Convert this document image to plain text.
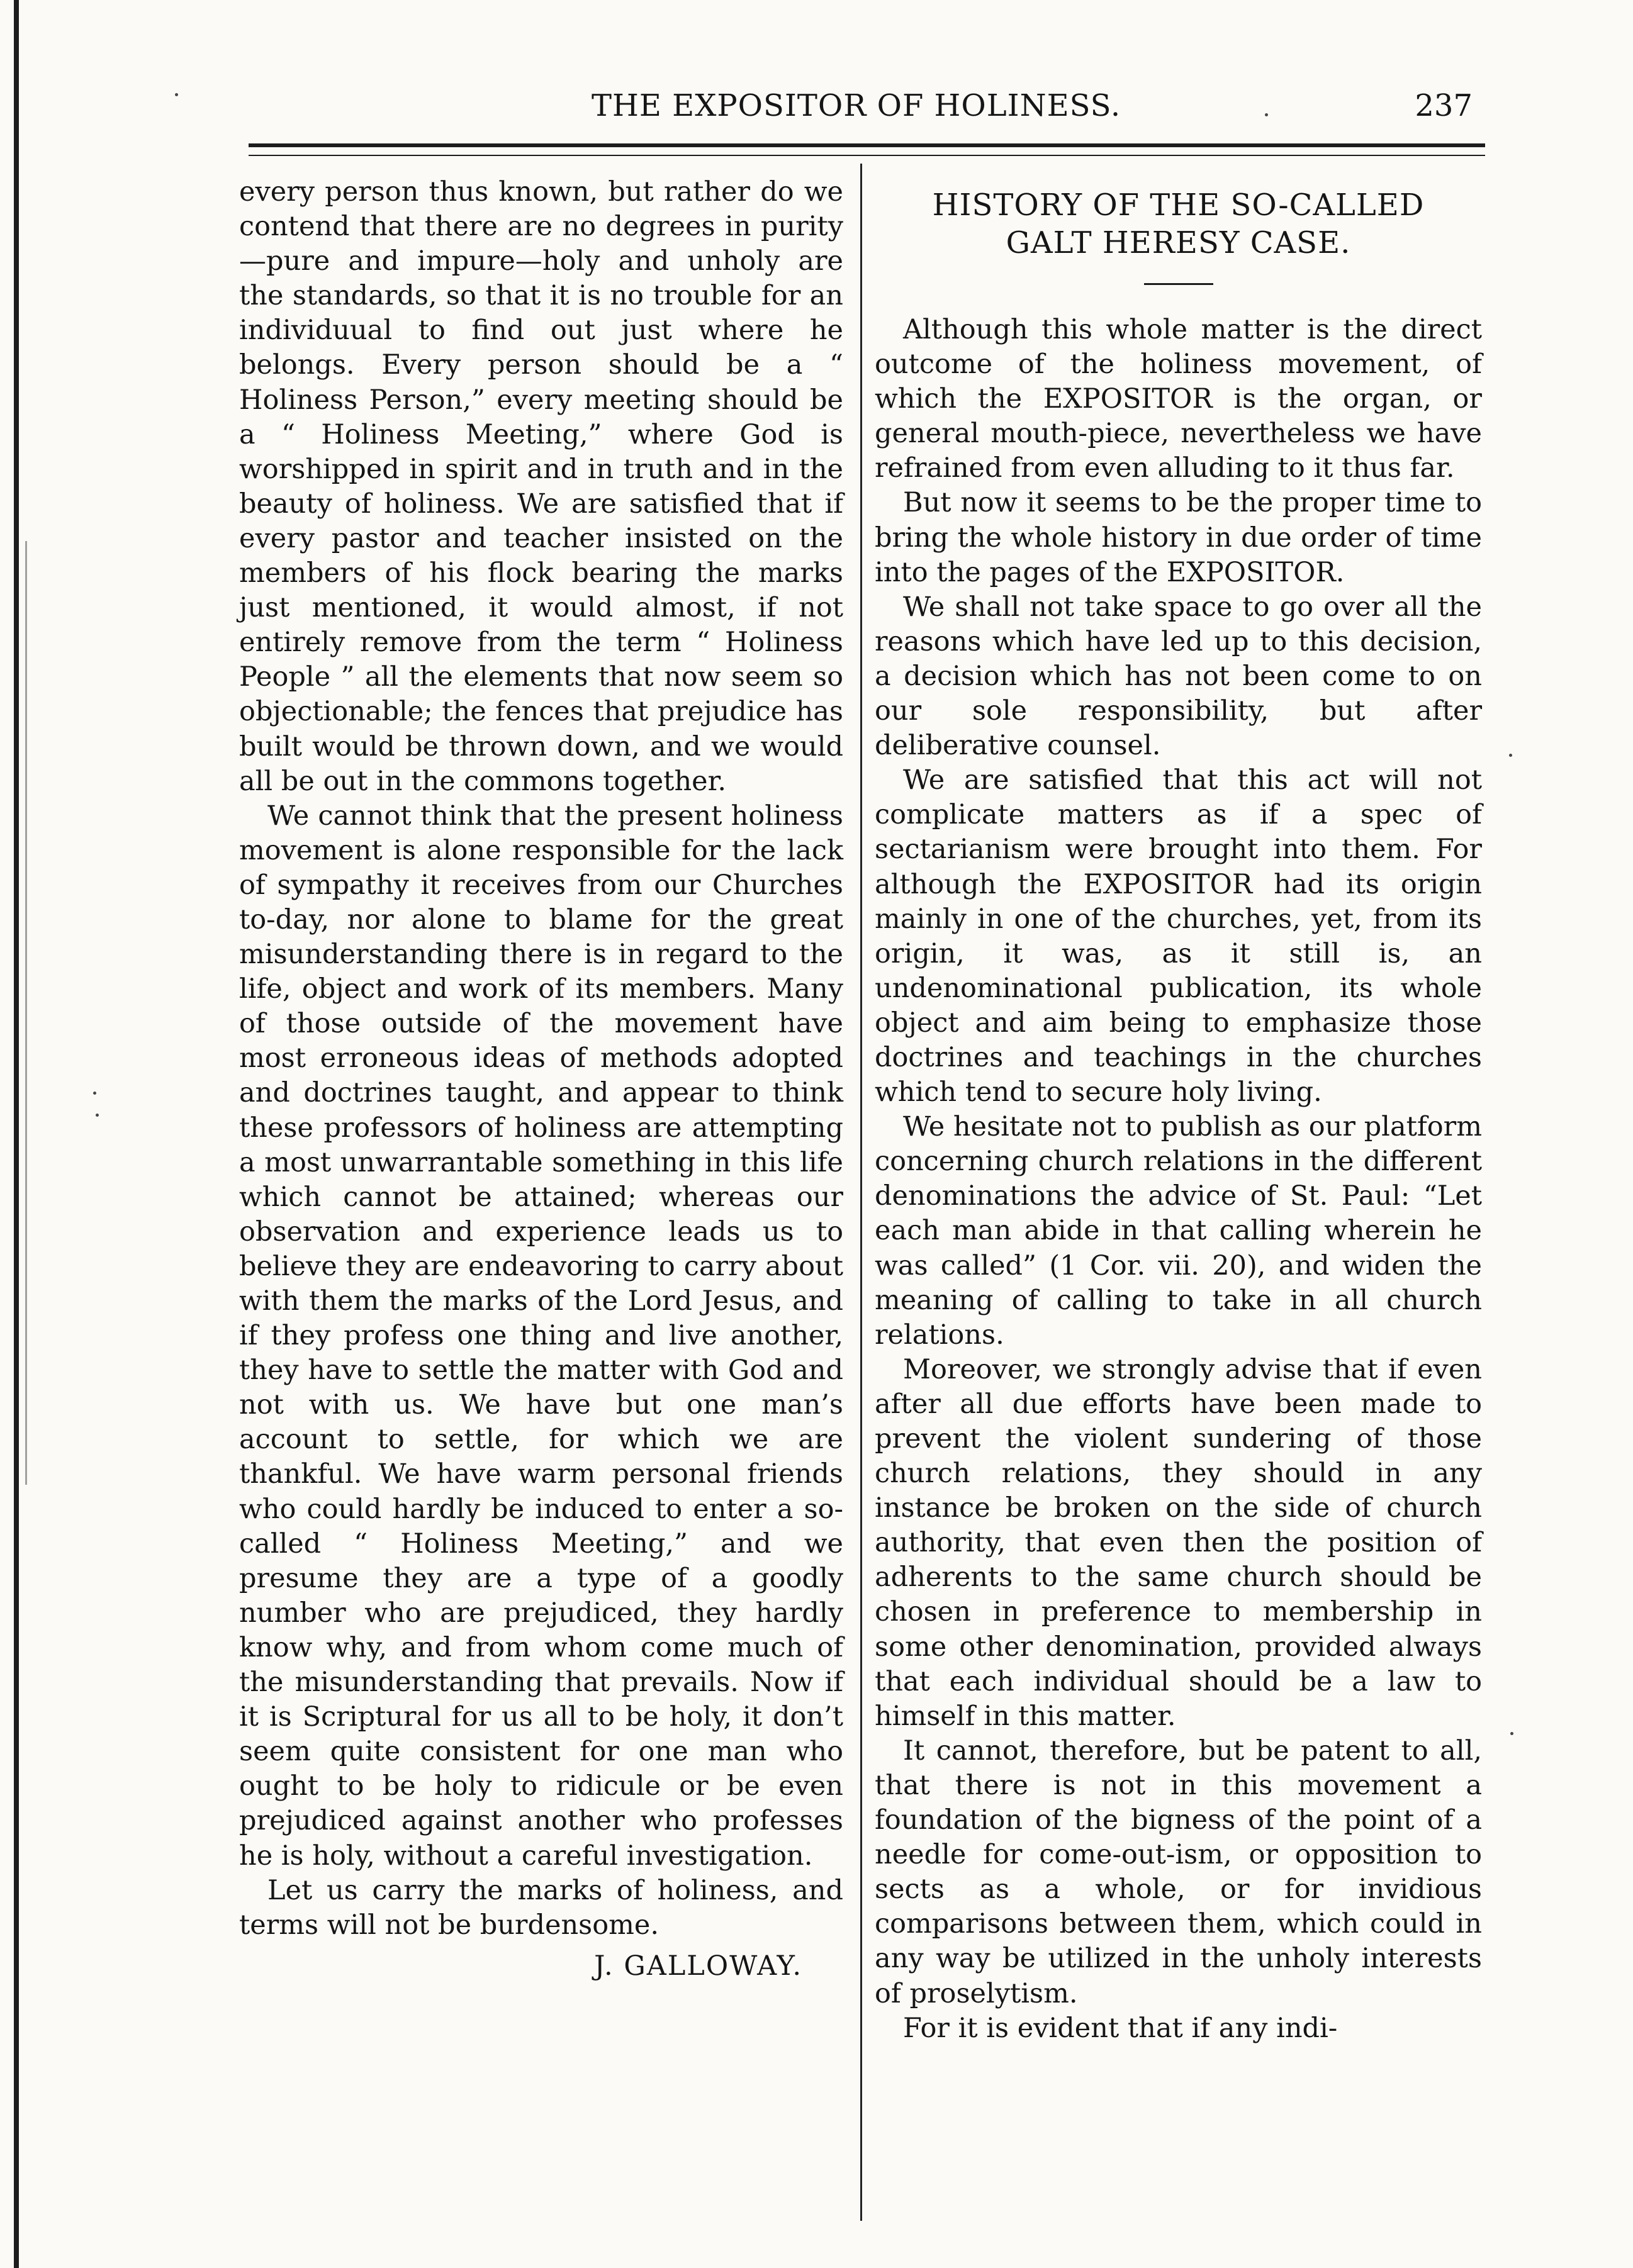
THE EXPOSITOR OF HOLINESS.	237

every person thus known, but rather do we contend that there are no degrees in purity—pure and impure—holy and unholy are the standards, so that it is no trouble for an individuual to find out just where he belongs. Every person should be a “ Holiness Person,” every meeting should be a “ Holiness Meeting,” where God is worshipped in spirit and in truth and in the beauty of holiness. We are satisfied that if every pastor and teacher insisted on the members of his flock bearing the marks just mentioned, it would almost, if not entirely remove from the term “ Holiness People ” all the elements that now seem so objectionable; the fences that prejudice has built would be thrown down, and we would all be out in the commons together.

We cannot think that the present holiness movement is alone responsible for the lack of sympathy it receives from our Churches to-day, nor alone to blame for the great misunderstanding there is in regard to the life, object and work of its members. Many of those outside of the movement have most erroneous ideas of methods adopted and doctrines taught, and appear to think these professors of holiness are attempting a most unwarrantable something in this life which cannot be attained; whereas our observation and experience leads us to believe they are endeavoring to carry about with them the marks of the Lord Jesus, and if they profess one thing and live another, they have to settle the matter with God and not with us. We have but one man’s account to settle, for which we are thankful. We have warm personal friends who could hardly be induced to enter a so-called “ Holiness Meeting,” and we presume they are a type of a goodly number who are prejudiced, they hardly know why, and from whom come much of the misunderstanding that prevails. Now if it is Scriptural for us all to be holy, it don’t seem quite consistent for one man who ought to be holy to ridicule or be even prejudiced against another who professes he is holy, without a careful investigation.

Let us carry the marks of holiness, and terms will not be burdensome.

J. GALLOWAY.
HISTORY OF THE SO-CALLED
GALT HERESY CASE.

Although this whole matter is the direct outcome of the holiness movement, of which the EXPOSITOR is the organ, or general mouth-piece, nevertheless we have refrained from even alluding to it thus far.

But now it seems to be the proper time to bring the whole history in due order of time into the pages of the EXPOSITOR.

We shall not take space to go over all the reasons which have led up to this decision, a decision which has not been come to on our sole responsibility, but after deliberative counsel.

We are satisfied that this act will not complicate matters as if a spec of sectarianism were brought into them. For although the EXPOSITOR had its origin mainly in one of the churches, yet, from its origin, it was, as it still is, an undenominational publication, its whole object and aim being to emphasize those doctrines and teachings in the churches which tend to secure holy living.

We hesitate not to publish as our platform concerning church relations in the different denominations the advice of St. Paul: “Let each man abide in that calling wherein he was called” (1 Cor. vii. 20), and widen the meaning of calling to take in all church relations.

Moreover, we strongly advise that if even after all due efforts have been made to prevent the violent sundering of those church relations, they should in any instance be broken on the side of church authority, that even then the position of adherents to the same church should be chosen in preference to membership in some other denomination, provided always that each individual should be a law to himself in this matter.

It cannot, therefore, but be patent to all, that there is not in this movement a foundation of the bigness of the point of a needle for come-out-ism, or opposition to sects as a whole, or for invidious comparisons between them, which could in any way be utilized in the unholy interests of proselytism.

For it is evident that if any indi-
